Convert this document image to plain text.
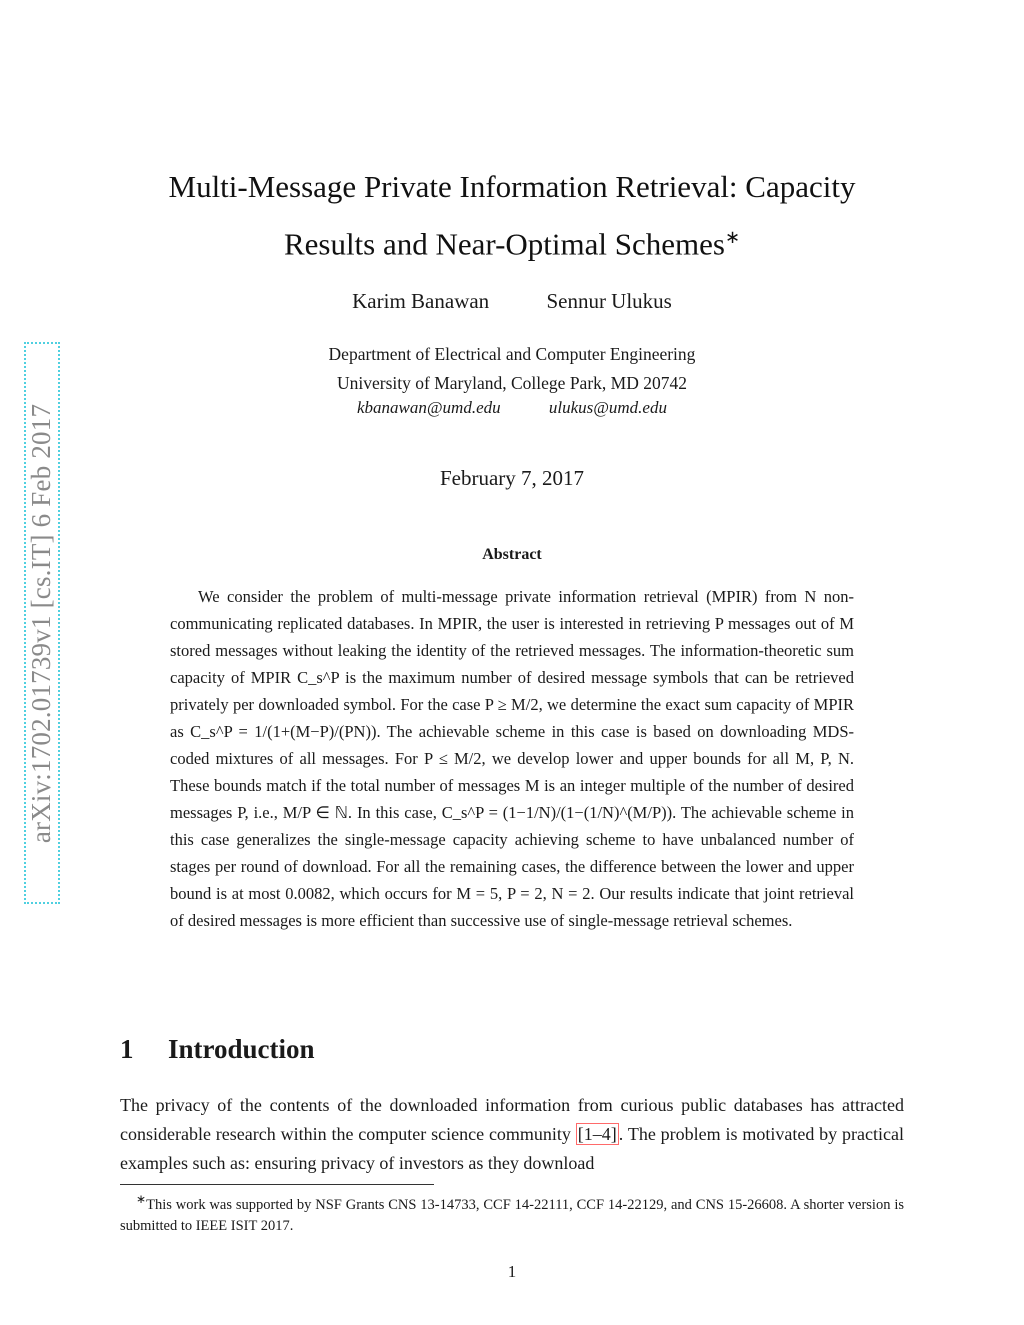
arXiv:1702.01739v1 [cs.IT] 6 Feb 2017
Multi-Message Private Information Retrieval: Capacity
Results and Near-Optimal Schemes∗
Karim Banawan	Sennur Ulukus
Department of Electrical and Computer Engineering
University of Maryland, College Park, MD 20742
kbanawan@umd.edu	ulukus@umd.edu
February 7, 2017
Abstract
We consider the problem of multi-message private information retrieval (MPIR) from N non-communicating replicated databases. In MPIR, the user is interested in retrieving P messages out of M stored messages without leaking the identity of the retrieved messages. The information-theoretic sum capacity of MPIR C_s^P is the maximum number of desired message symbols that can be retrieved privately per downloaded symbol. For the case P ≥ M/2, we determine the exact sum capacity of MPIR as C_s^P = 1/(1+(M−P)/(PN)). The achievable scheme in this case is based on downloading MDS-coded mixtures of all messages. For P ≤ M/2, we develop lower and upper bounds for all M, P, N. These bounds match if the total number of messages M is an integer multiple of the number of desired messages P, i.e., M/P ∈ ℕ. In this case, C_s^P = (1−1/N)/(1−(1/N)^(M/P)). The achievable scheme in this case generalizes the single-message capacity achieving scheme to have unbalanced number of stages per round of download. For all the remaining cases, the difference between the lower and upper bound is at most 0.0082, which occurs for M = 5, P = 2, N = 2. Our results indicate that joint retrieval of desired messages is more efficient than successive use of single-message retrieval schemes.
1 Introduction
The privacy of the contents of the downloaded information from curious public databases has attracted considerable research within the computer science community [1–4] . The problem is motivated by practical examples such as: ensuring privacy of investors as they download
∗This work was supported by NSF Grants CNS 13-14733, CCF 14-22111, CCF 14-22129, and CNS 15-26608. A shorter version is submitted to IEEE ISIT 2017.
1
